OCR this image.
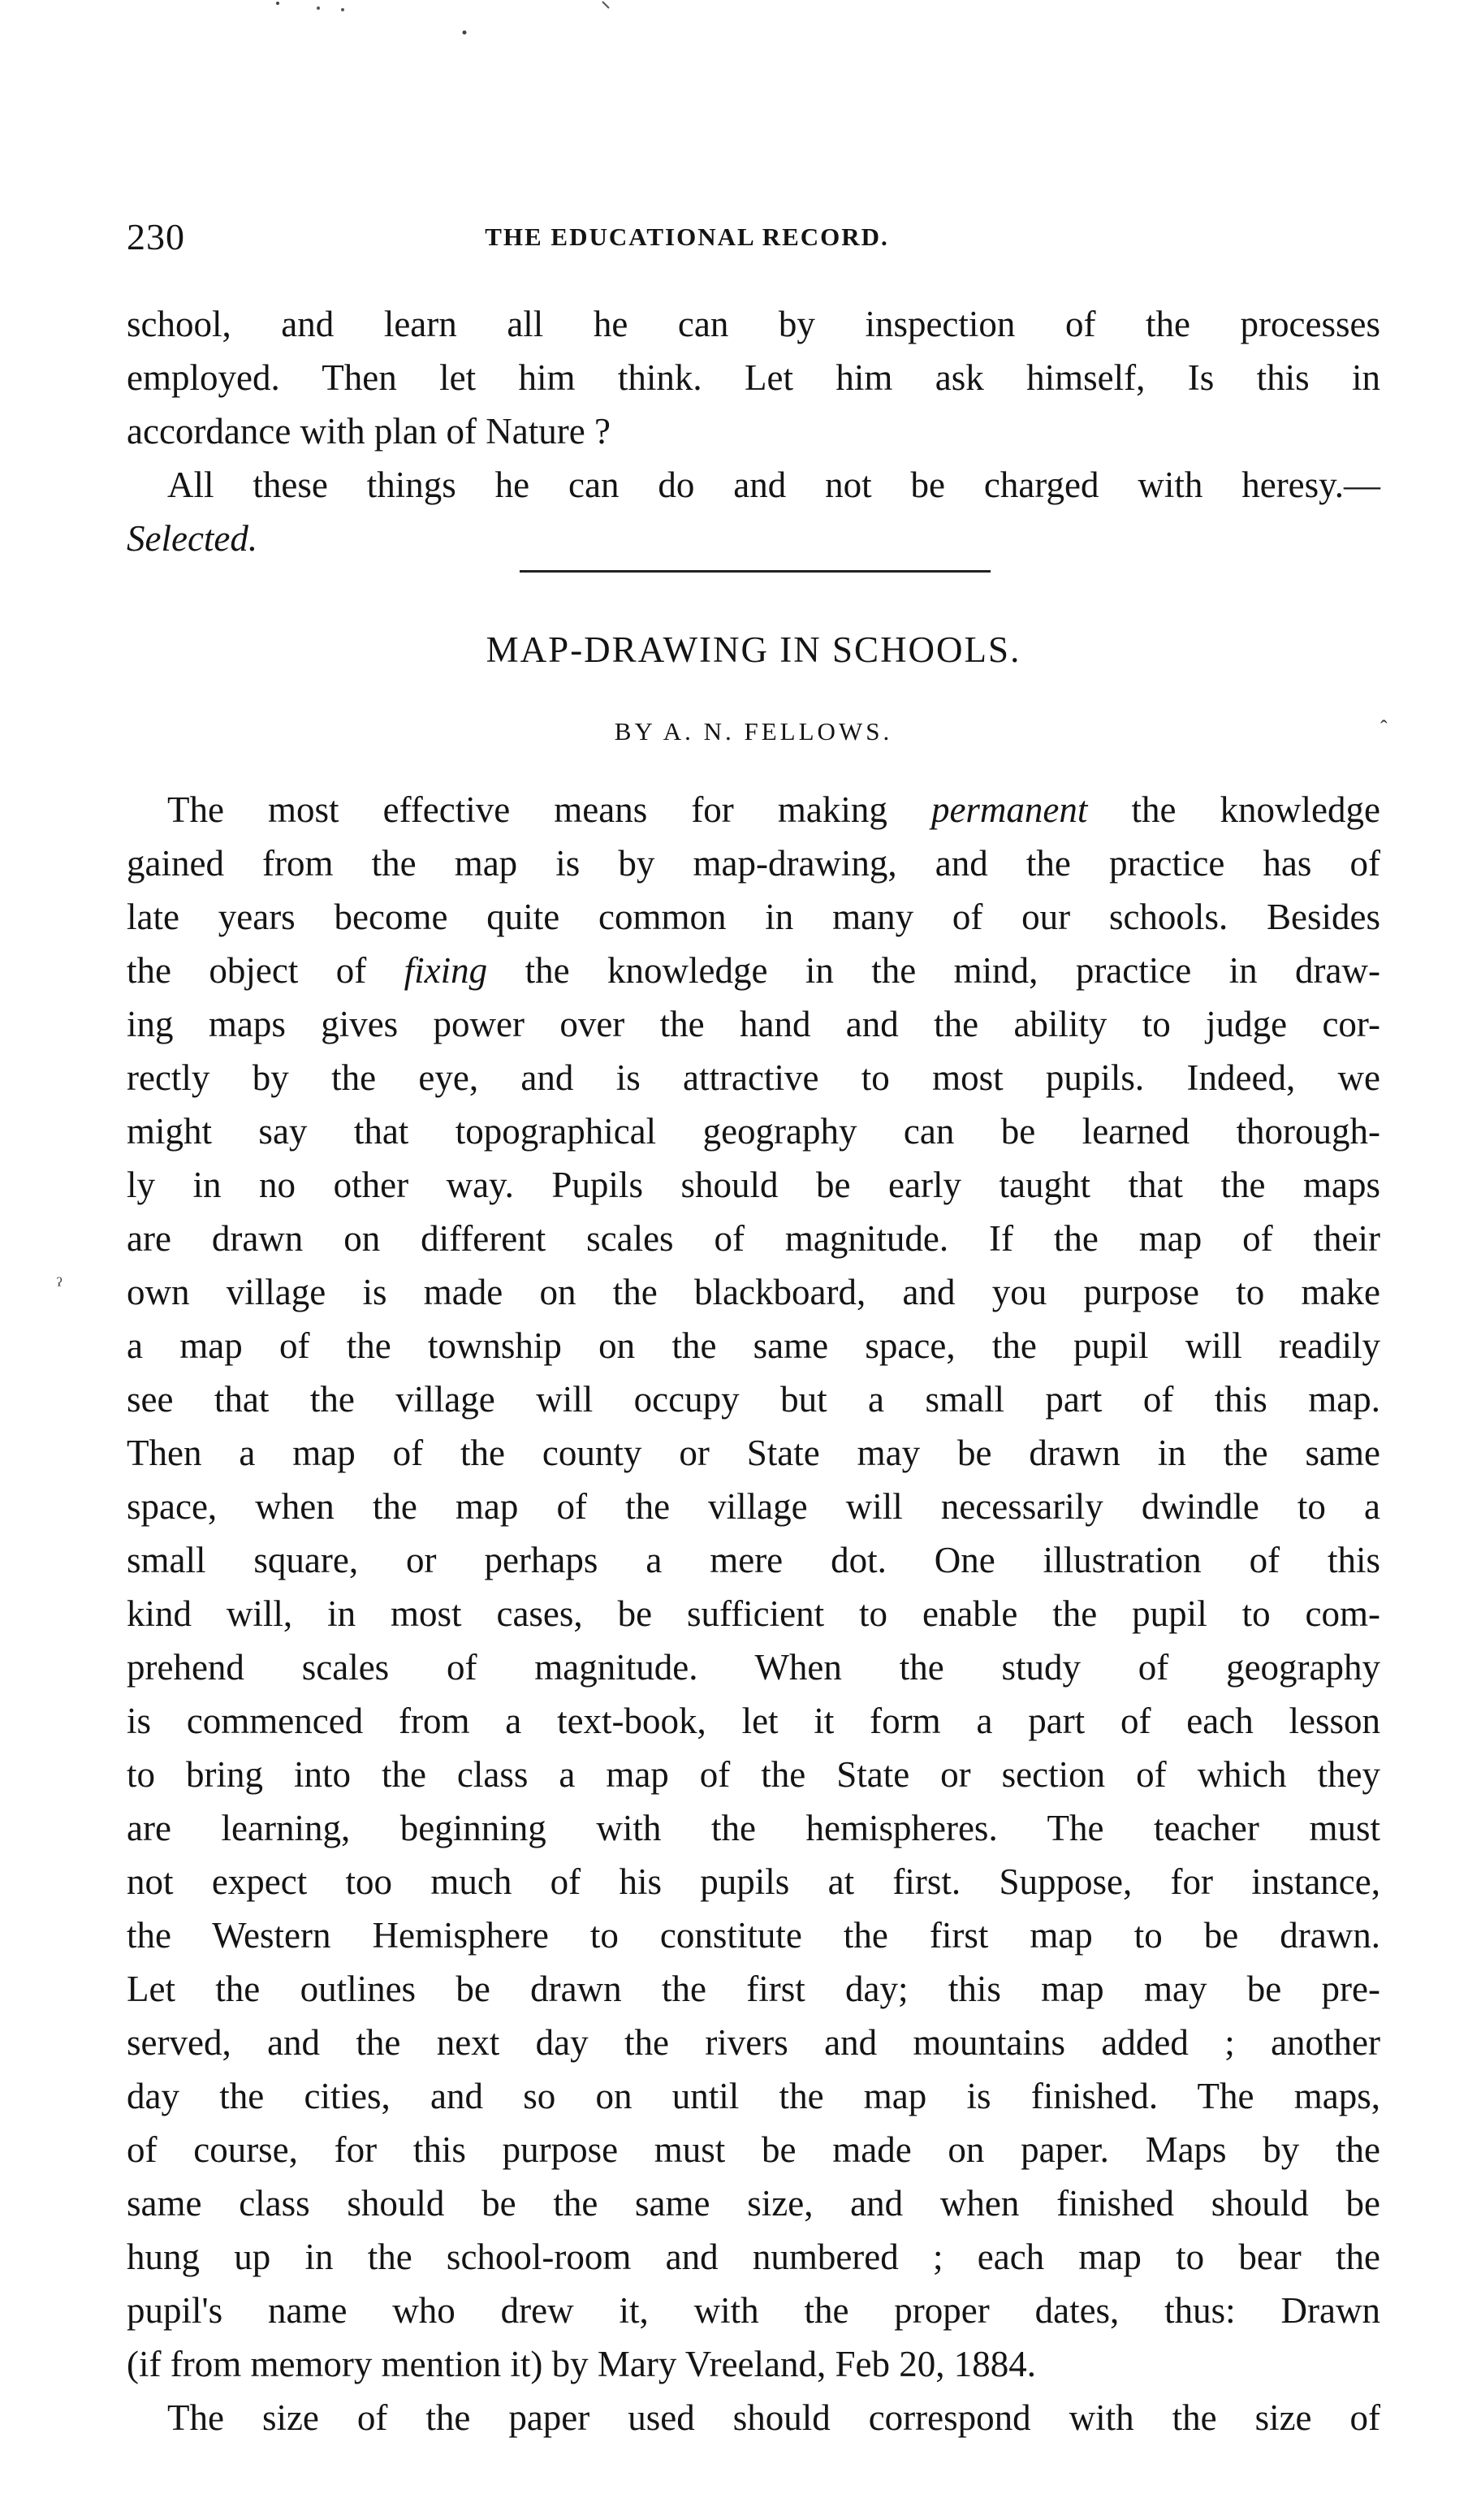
230	THE EDUCATIONAL RECORD.
school, and learn all he can by inspection of the processes
employed. Then let him think. Let him ask himself, Is this in
accordance with plan of Nature ?
All these things he can do and not be charged with heresy.—
Selected.
MAP-DRAWING IN SCHOOLS.
BY A. N. FELLOWS.	ˆ
ˀ
The most effective means for making permanent the knowledge
gained from the map is by map-drawing, and the practice has of
late years become quite common in many of our schools. Besides
the object of fixing the knowledge in the mind, practice in draw-
ing maps gives power over the hand and the ability to judge cor-
rectly by the eye, and is attractive to most pupils. Indeed, we
might say that topographical geography can be learned thorough-
ly in no other way. Pupils should be early taught that the maps
are drawn on different scales of magnitude. If the map of their
own village is made on the blackboard, and you purpose to make
a map of the township on the same space, the pupil will readily
see that the village will occupy but a small part of this map.
Then a map of the county or State may be drawn in the same
space, when the map of the village will necessarily dwindle to a
small square, or perhaps a mere dot. One illustration of this
kind will, in most cases, be sufficient to enable the pupil to com-
prehend scales of magnitude. When the study of geography
is commenced from a text-book, let it form a part of each lesson
to bring into the class a map of the State or section of which they
are learning, beginning with the hemispheres. The teacher must
not expect too much of his pupils at first. Suppose, for instance,
the Western Hemisphere to constitute the first map to be drawn.
Let the outlines be drawn the first day; this map may be pre-
served, and the next day the rivers and mountains added ; another
day the cities, and so on until the map is finished. The maps,
of course, for this purpose must be made on paper. Maps by the
same class should be the same size, and when finished should be
hung up in the school-room and numbered ; each map to bear the
pupil's name who drew it, with the proper dates, thus: Drawn
(if from memory mention it) by Mary Vreeland, Feb 20, 1884.
The size of the paper used should correspond with the size of
